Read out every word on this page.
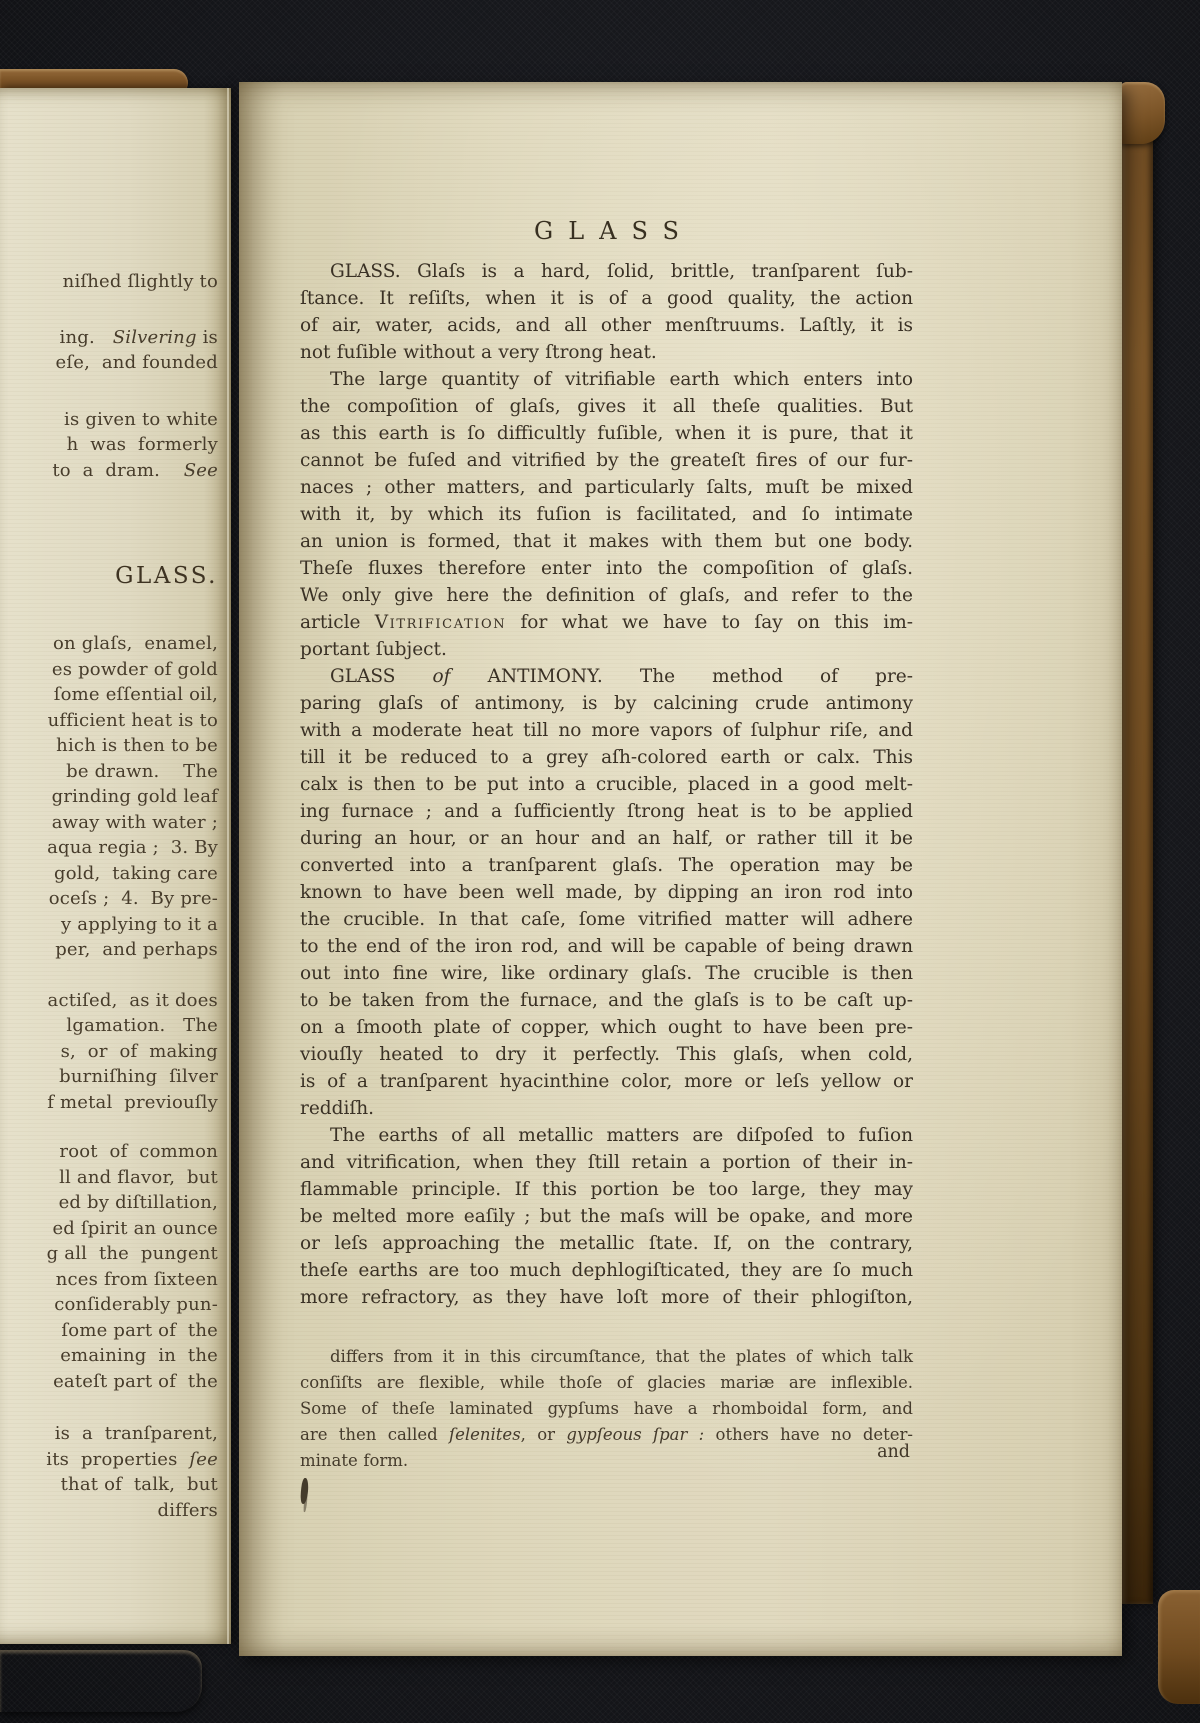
niſhed ſlightly to
ing.   Silvering is
eſe,  and founded
is given to white
h  was  formerly
to  a  dram.    See
GLASS.
on glaſs,  enamel,
es powder of gold
ſome eſſential oil,
ufficient heat is to
hich is then to be
be drawn.    The
grinding gold leaf
away with water ;
aqua regia ;  3. By
gold,  taking care
oceſs ;  4.  By pre-
y applying to it a
per,  and perhaps
actiſed,  as it does
lgamation.   The
s,  or  of  making
burniſhing  ſilver
f metal  previouſly
root  of  common
ll and flavor,  but
ed by diſtillation,
ed ſpirit an ounce
g all  the  pungent
nces from ſixteen
conſiderably pun-
ſome part of  the
emaining  in  the
eateſt part of  the
is  a  tranſparent,
its  properties  ſee
that of  talk,  but
differs
GLASS
GLASS. Glaſs is a hard, ſolid, brittle, tranſparent ſub-
ſtance. It reſiſts, when it is of a good quality, the action
of air, water, acids, and all other menſtruums. Laſtly, it is
not fuſible without a very ſtrong heat.
The large quantity of vitrifiable earth which enters into
the compoſition of glaſs, gives it all theſe qualities. But
as this earth is ſo difficultly fuſible, when it is pure, that it
cannot be fuſed and vitrified by the greateſt fires of our fur-
naces ; other matters, and particularly ſalts, muſt be mixed
with it, by which its fuſion is facilitated, and ſo intimate
an union is formed, that it makes with them but one body.
Theſe fluxes therefore enter into the compoſition of glaſs.
We only give here the definition of glaſs, and refer to the
article Vitrification for what we have to ſay on this im-
portant ſubject.
GLASS of ANTIMONY. The method of pre-
paring glaſs of antimony, is by calcining crude antimony
with a moderate heat till no more vapors of ſulphur riſe, and
till it be reduced to a grey aſh-colored earth or calx. This
calx is then to be put into a crucible, placed in a good melt-
ing furnace ; and a ſufficiently ſtrong heat is to be applied
during an hour, or an hour and an half, or rather till it be
converted into a tranſparent glaſs. The operation may be
known to have been well made, by dipping an iron rod into
the crucible. In that caſe, ſome vitrified matter will adhere
to the end of the iron rod, and will be capable of being drawn
out into fine wire, like ordinary glaſs. The crucible is then
to be taken from the furnace, and the glaſs is to be caſt up-
on a ſmooth plate of copper, which ought to have been pre-
viouſly heated to dry it perfectly. This glaſs, when cold,
is of a tranſparent hyacinthine color, more or leſs yellow or
reddiſh.
The earths of all metallic matters are diſpoſed to fuſion
and vitrification, when they ſtill retain a portion of their in-
flammable principle. If this portion be too large, they may
be melted more eaſily ; but the maſs will be opake, and more
or leſs approaching the metallic ſtate. If, on the contrary,
theſe earths are too much dephlogiſticated, they are ſo much
more refractory, as they have loſt more of their phlogiſton,
differs from it in this circumſtance, that the plates of which talk
conſiſts are flexible, while thoſe of glacies mariæ are inflexible.
Some of theſe laminated gypſums have a rhomboidal form, and
are then called ſelenites, or gypſeous ſpar : others have no deter-
minate form.	and
